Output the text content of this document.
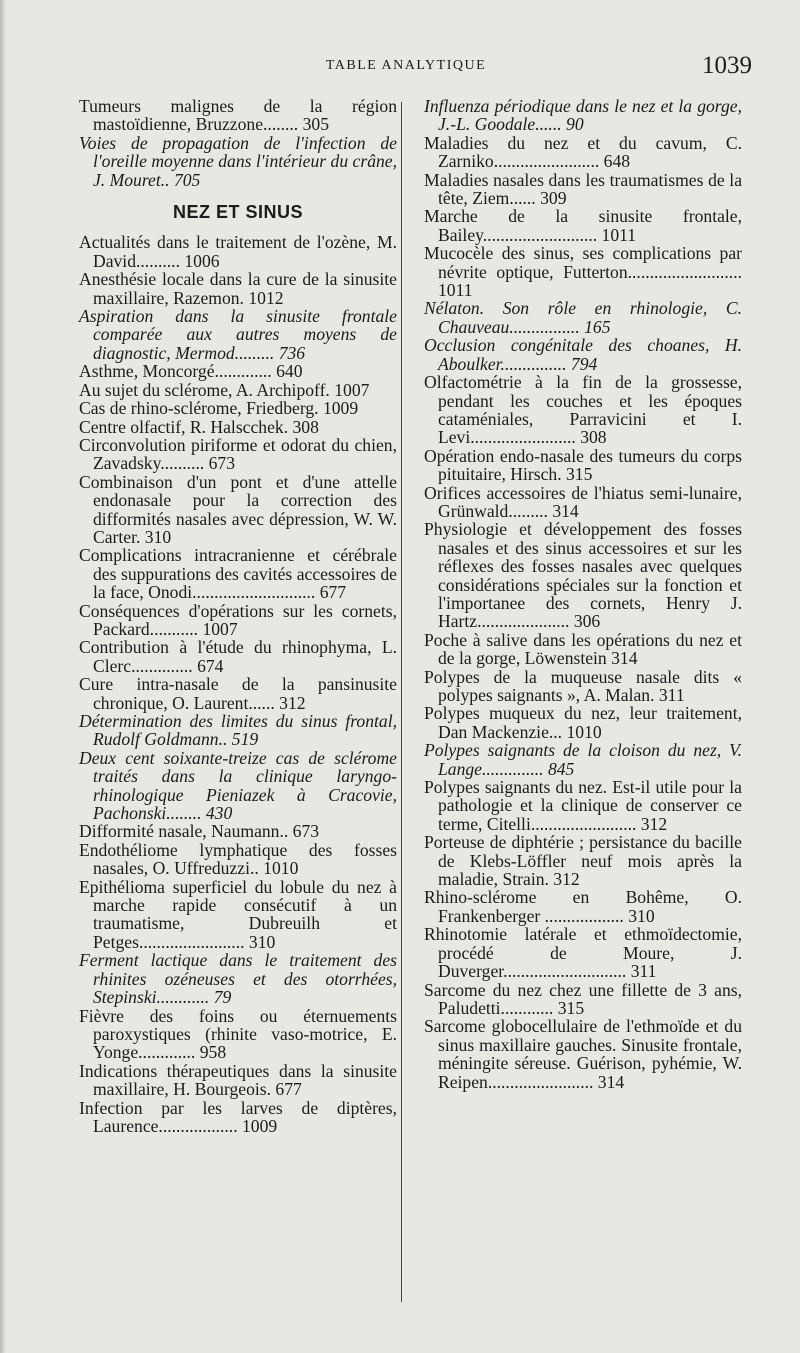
TABLE ANALYTIQUE	1039

Tumeurs malignes de la région mastoïdienne, Bruzzone........ 305

Voies de propagation de l'infection de l'oreille moyenne dans l'intérieur du crâne, J. Mouret.. 705

NEZ ET SINUS

Actualités dans le traitement de l'ozène, M. David.......... 1006

Anesthésie locale dans la cure de la sinusite maxillaire, Razemon. 1012

Aspiration dans la sinusite frontale comparée aux autres moyens de diagnostic, Mermod......... 736

Asthme, Moncorgé............. 640

Au sujet du sclérome, A. Archipoff. 1007

Cas de rhino-sclérome, Friedberg. 1009

Centre olfactif, R. Halscchek. 308

Circonvolution piriforme et odorat du chien, Zavadsky.......... 673

Combinaison d'un pont et d'une attelle endonasale pour la correction des difformités nasales avec dépression, W. W. Carter. 310

Complications intracranienne et cérébrale des suppurations des cavités accessoires de la face, Onodi............................ 677

Conséquences d'opérations sur les cornets, Packard........... 1007

Contribution à l'étude du rhinophyma, L. Clerc.............. 674

Cure intra-nasale de la pansinusite chronique, O. Laurent...... 312

Détermination des limites du sinus frontal, Rudolf Goldmann.. 519

Deux cent soixante-treize cas de sclérome traités dans la clinique laryngo-rhinologique Pieniazek à Cracovie, Pachonski........ 430

Difformité nasale, Naumann.. 673

Endothéliome lymphatique des fosses nasales, O. Uffreduzzi.. 1010

Epithélioma superficiel du lobule du nez à marche rapide consécutif à un traumatisme, Dubreuilh et Petges........................ 310

Ferment lactique dans le traitement des rhinites ozéneuses et des otorrhées, Stepinski............ 79

Fièvre des foins ou éternuements paroxystiques (rhinite vaso-motrice, E. Yonge............. 958

Indications thérapeutiques dans la sinusite maxillaire, H. Bourgeois. 677

Infection par les larves de diptères, Laurence.................. 1009

Influenza périodique dans le nez et la gorge, J.-L. Goodale...... 90

Maladies du nez et du cavum, C. Zarniko........................ 648

Maladies nasales dans les traumatismes de la tête, Ziem...... 309

Marche de la sinusite frontale, Bailey.......................... 1011

Mucocèle des sinus, ses complications par névrite optique, Futterton.......................... 1011

Nélaton. Son rôle en rhinologie, C. Chauveau................ 165

Occlusion congénitale des choanes, H. Aboulker............... 794

Olfactométrie à la fin de la grossesse, pendant les couches et les époques cataméniales, Parravicini et I. Levi........................ 308

Opération endo-nasale des tumeurs du corps pituitaire, Hirsch. 315

Orifices accessoires de l'hiatus semi-lunaire, Grünwald......... 314

Physiologie et développement des fosses nasales et des sinus accessoires et sur les réflexes des fosses nasales avec quelques considérations spéciales sur la fonction et l'importanee des cornets, Henry J. Hartz..................... 306

Poche à salive dans les opérations du nez et de la gorge, Löwenstein 314

Polypes de la muqueuse nasale dits « polypes saignants », A. Malan. 311

Polypes muqueux du nez, leur traitement, Dan Mackenzie... 1010

Polypes saignants de la cloison du nez, V. Lange.............. 845

Polypes saignants du nez. Est-il utile pour la pathologie et la clinique de conserver ce terme, Citelli........................ 312

Porteuse de diphtérie ; persistance du bacille de Klebs-Löffler neuf mois après la maladie, Strain. 312

Rhino-sclérome en Bohême, O. Frankenberger .................. 310

Rhinotomie latérale et ethmoïdectomie, procédé de Moure, J. Duverger............................ 311

Sarcome du nez chez une fillette de 3 ans, Paludetti............ 315

Sarcome globocellulaire de l'ethmoïde et du sinus maxillaire gauches. Sinusite frontale, méningite séreuse. Guérison, pyhémie, W. Reipen........................ 314
